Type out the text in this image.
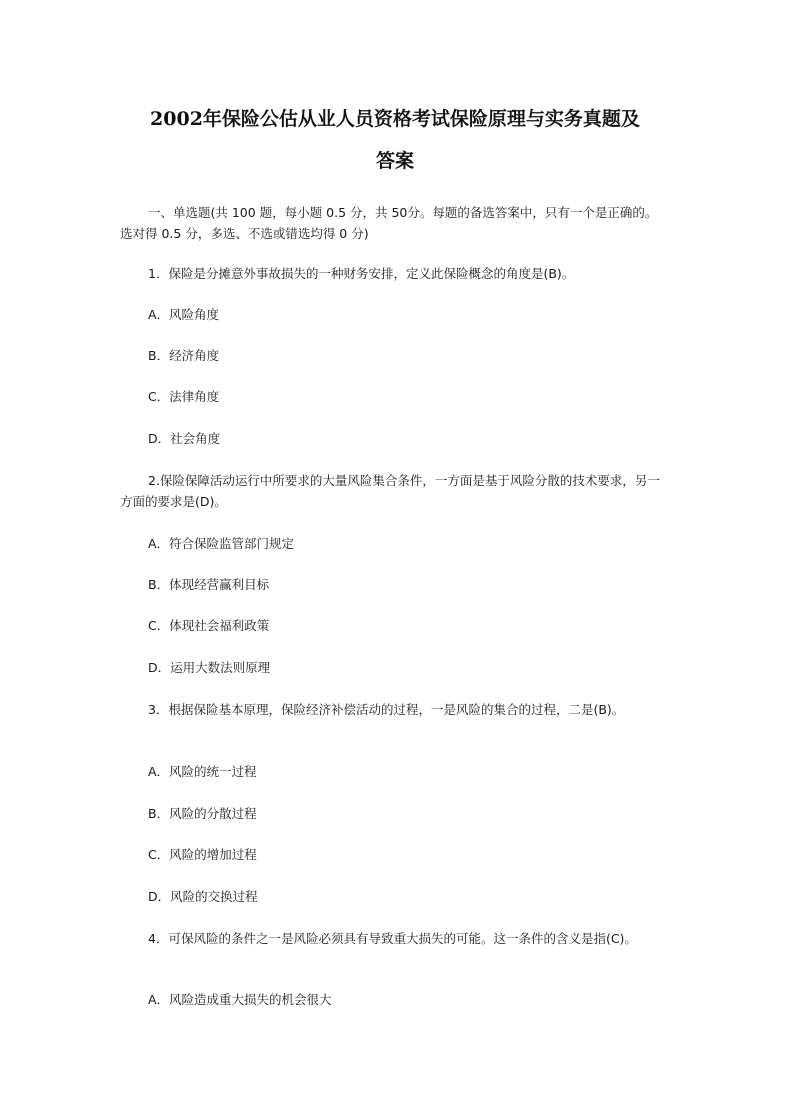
2002年保险公估从业人员资格考试保险原理与实务真题及
答案
一、单选题(共 100 题，每小题 0.5 分，共 50分。每题的备选答案中，只有一个是正确的。选对得 0.5 分，多选、不选或错选均得 0 分)
1．保险是分摊意外事故损失的一种财务安排，定义此保险概念的角度是(B)。
A．风险角度
B．经济角度
C．法律角度
D．社会角度
2.保险保障活动运行中所要求的大量风险集合条件，一方面是基于风险分散的技术要求，另一方面的要求是(D)。
A．符合保险监管部门规定
B．体现经营赢利目标
C．体现社会福利政策
D．运用大数法则原理
3．根据保险基本原理，保险经济补偿活动的过程，一是风险的集合的过程，二是(B)。
A．风险的统一过程
B．风险的分散过程
C．风险的增加过程
D．风险的交换过程
4．可保风险的条件之一是风险必须具有导致重大损失的可能。这一条件的含义是指(C)。
A．风险造成重大损失的机会很大
